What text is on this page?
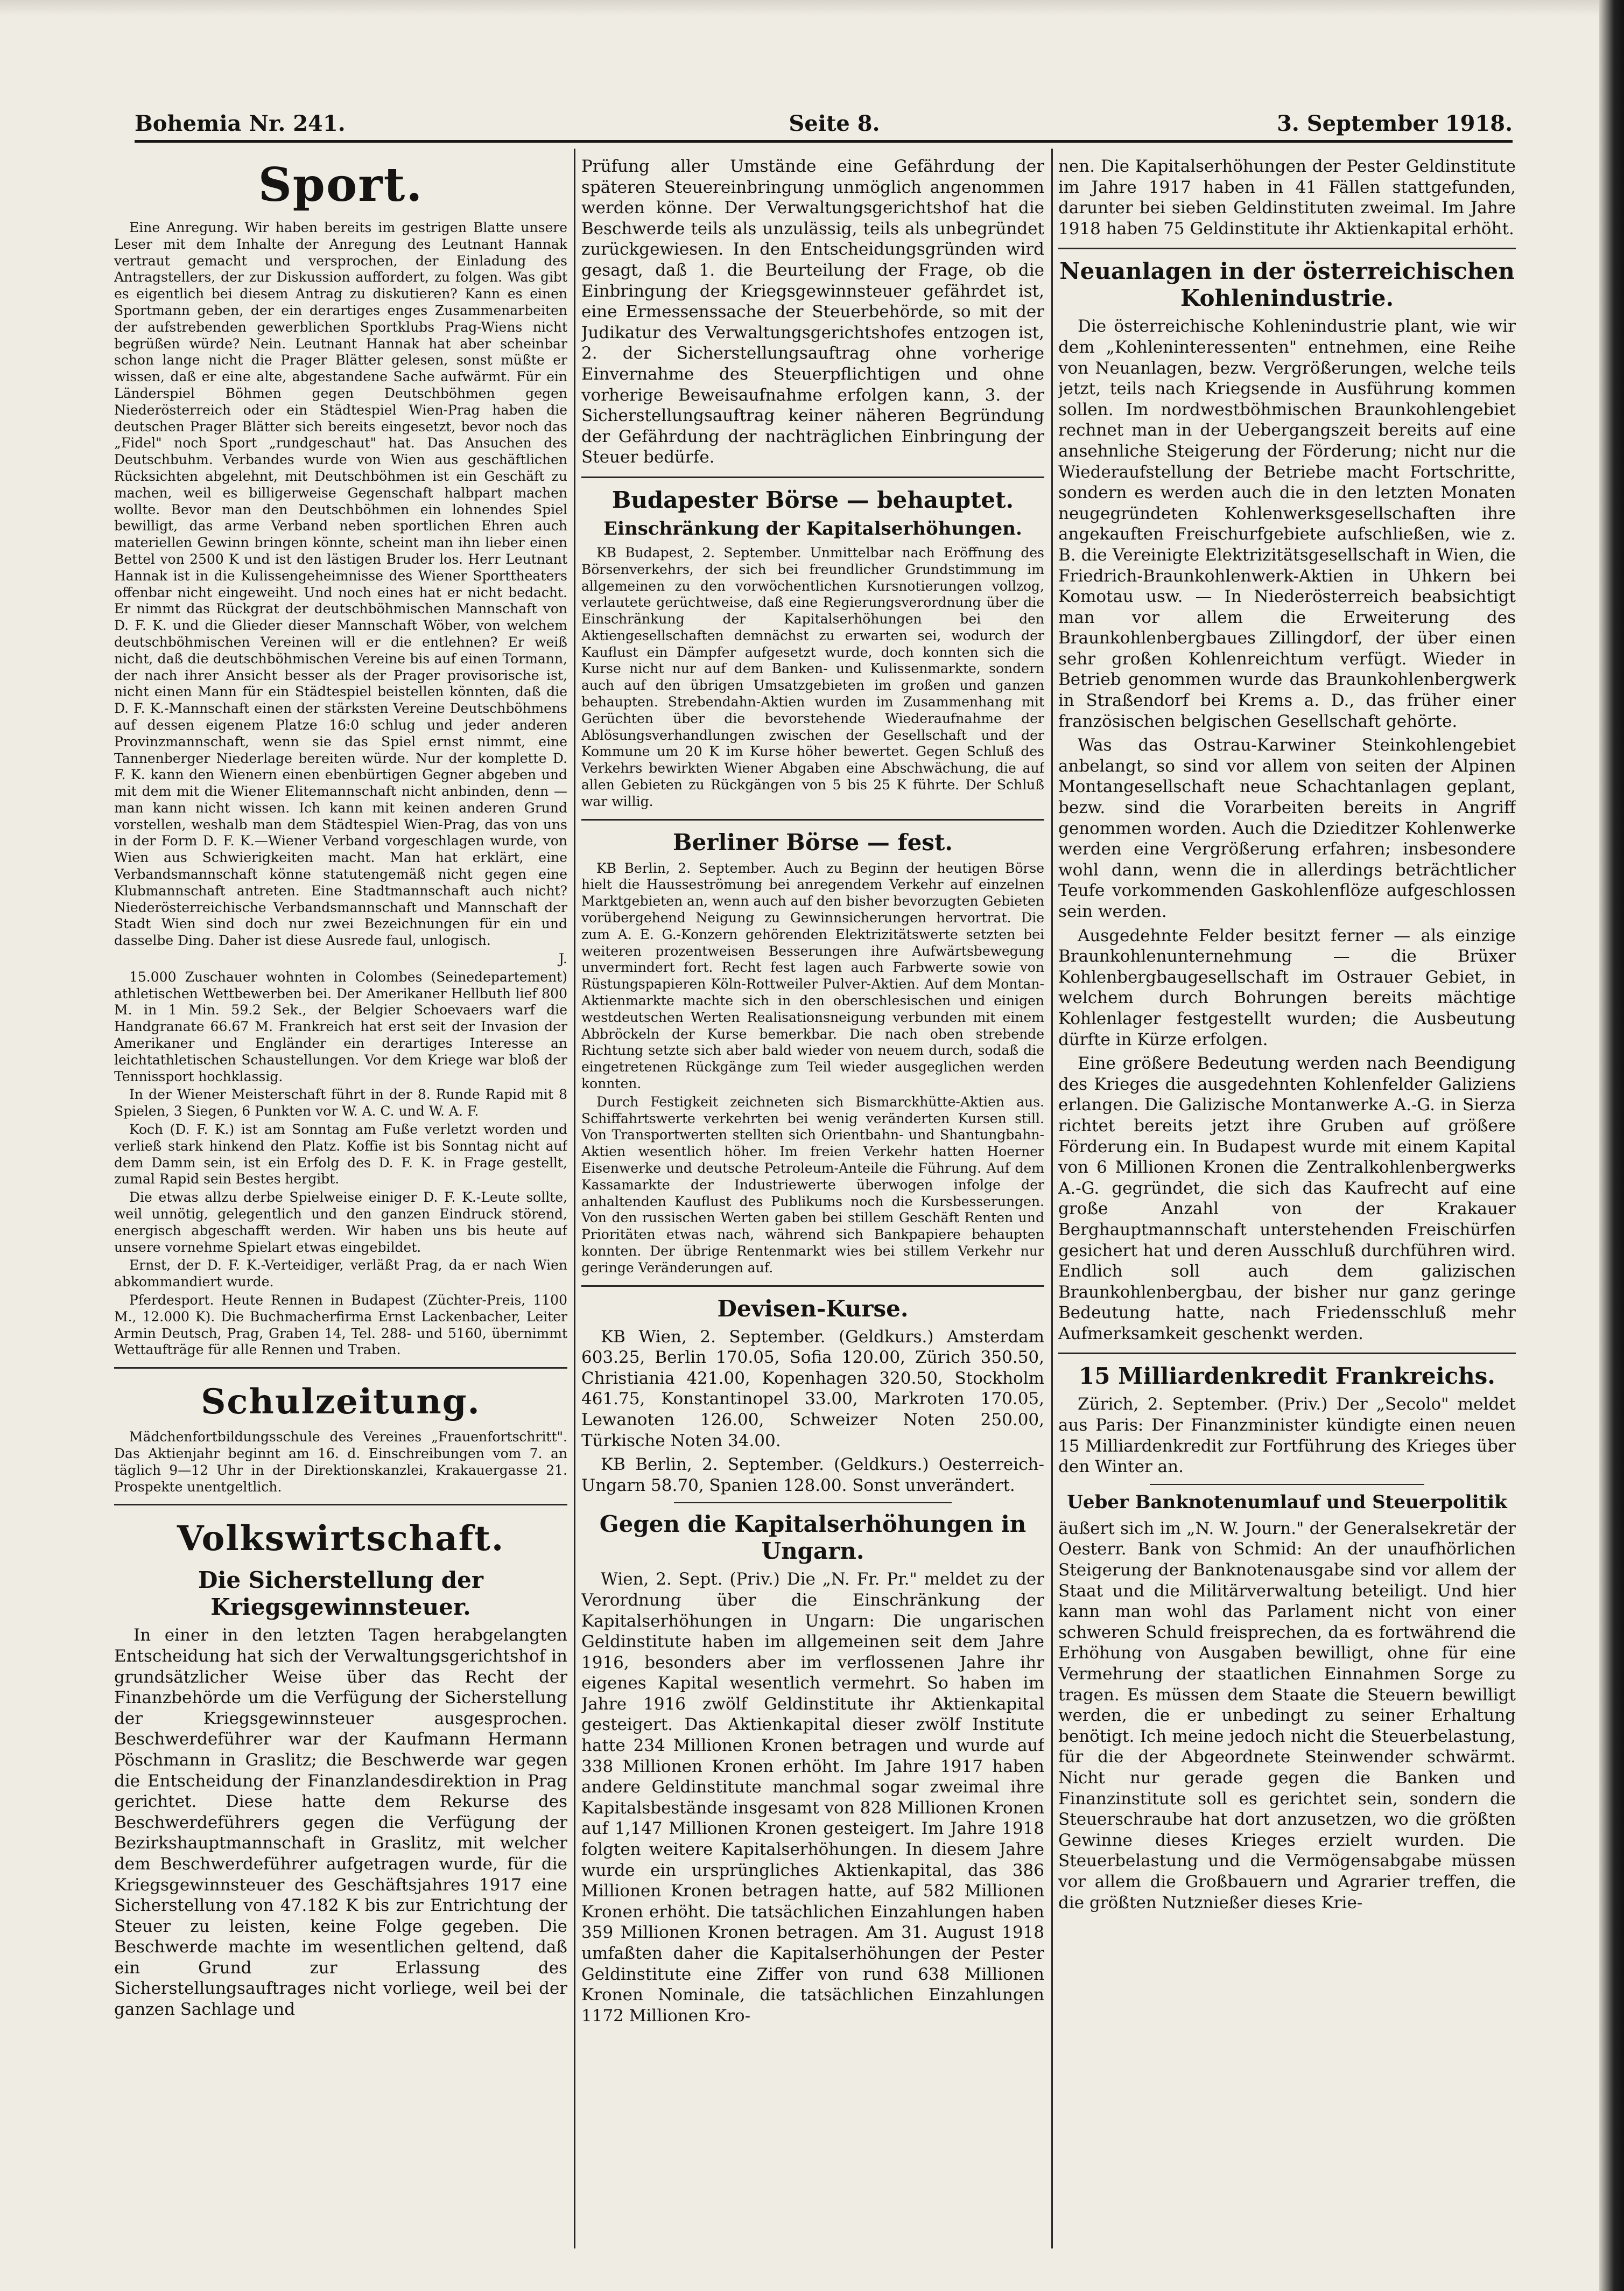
Bohemia Nr. 241.	Seite 8.	3. September 1918.
Sport.

Eine Anregung. Wir haben bereits im gestrigen Blatte unsere Leser mit dem Inhalte der Anregung des Leutnant Hannak vertraut gemacht und versprochen, der Einladung des Antragstellers, der zur Diskussion auffordert, zu folgen. Was gibt es eigentlich bei diesem Antrag zu diskutieren? Kann es einen Sportmann geben, der ein derartiges enges Zusammenarbeiten der aufstrebenden gewerblichen Sportklubs Prag-Wiens nicht begrüßen würde? Nein. Leutnant Hannak hat aber scheinbar schon lange nicht die Prager Blätter gelesen, sonst müßte er wissen, daß er eine alte, abgestandene Sache aufwärmt. Für ein Länderspiel Böhmen gegen Deutschböhmen gegen Niederösterreich oder ein Städtespiel Wien-Prag haben die deutschen Prager Blätter sich bereits eingesetzt, bevor noch das „Fidel" noch Sport „rundgeschaut" hat. Das Ansuchen des Deutschbuhm. Verbandes wurde von Wien aus geschäftlichen Rücksichten abgelehnt, mit Deutschböhmen ist ein Geschäft zu machen, weil es billigerweise Gegenschaft halbpart machen wollte. Bevor man den Deutschböhmen ein lohnendes Spiel bewilligt, das arme Verband neben sportlichen Ehren auch materiellen Gewinn bringen könnte, scheint man ihn lieber einen Bettel von 2500 K und ist den lästigen Bruder los. Herr Leutnant Hannak ist in die Kulissengeheimnisse des Wiener Sporttheaters offenbar nicht eingeweiht. Und noch eines hat er nicht bedacht. Er nimmt das Rückgrat der deutschböhmischen Mannschaft von D. F. K. und die Glieder dieser Mannschaft Wöber, von welchem deutschböhmischen Vereinen will er die entlehnen? Er weiß nicht, daß die deutschböhmischen Vereine bis auf einen Tormann, der nach ihrer Ansicht besser als der Prager provisorische ist, nicht einen Mann für ein Städtespiel beistellen könnten, daß die D. F. K.-Mannschaft einen der stärksten Vereine Deutschböhmens auf dessen eigenem Platze 16:0 schlug und jeder anderen Provinzmannschaft, wenn sie das Spiel ernst nimmt, eine Tannenberger Niederlage bereiten würde. Nur der komplette D. F. K. kann den Wienern einen ebenbürtigen Gegner abgeben und mit dem mit die Wiener Elitemannschaft nicht anbinden, denn — man kann nicht wissen. Ich kann mit keinen anderen Grund vorstellen, weshalb man dem Städtespiel Wien-Prag, das von uns in der Form D. F. K.—Wiener Verband vorgeschlagen wurde, von Wien aus Schwierigkeiten macht. Man hat erklärt, eine Verbandsmannschaft könne statutengemäß nicht gegen eine Klubmannschaft antreten. Eine Stadtmannschaft auch nicht? Niederösterreichische Verbandsmannschaft und Mannschaft der Stadt Wien sind doch nur zwei Bezeichnungen für ein und dasselbe Ding. Daher ist diese Ausrede faul, unlogisch.

J.

15.000 Zuschauer wohnten in Colombes (Seinedepartement) athletischen Wettbewerben bei. Der Amerikaner Hellbuth lief 800 M. in 1 Min. 59.2 Sek., der Belgier Schoevaers warf die Handgranate 66.67 M. Frankreich hat erst seit der Invasion der Amerikaner und Engländer ein derartiges Interesse an leichtathletischen Schaustellungen. Vor dem Kriege war bloß der Tennissport hochklassig.

In der Wiener Meisterschaft führt in der 8. Runde Rapid mit 8 Spielen, 3 Siegen, 6 Punkten vor W. A. C. und W. A. F.

Koch (D. F. K.) ist am Sonntag am Fuße verletzt worden und verließ stark hinkend den Platz. Koffie ist bis Sonntag nicht auf dem Damm sein, ist ein Erfolg des D. F. K. in Frage gestellt, zumal Rapid sein Bestes hergibt.

Die etwas allzu derbe Spielweise einiger D. F. K.-Leute sollte, weil unnötig, gelegentlich und den ganzen Eindruck störend, energisch abgeschafft werden. Wir haben uns bis heute auf unsere vornehme Spielart etwas eingebildet.

Ernst, der D. F. K.-Verteidiger, verläßt Prag, da er nach Wien abkommandiert wurde.

Pferdesport. Heute Rennen in Budapest (Züchter-Preis, 1100 M., 12.000 K). Die Buchmacherfirma Ernst Lackenbacher, Leiter Armin Deutsch, Prag, Graben 14, Tel. 288- und 5160, übernimmt Wettaufträge für alle Rennen und Traben.

Schulzeitung.

Mädchenfortbildungsschule des Vereines „Frauenfortschritt". Das Aktienjahr beginnt am 16. d. Einschreibungen vom 7. an täglich 9—12 Uhr in der Direktionskanzlei, Krakauergasse 21. Prospekte unentgeltlich.

Volkswirtschaft.
Die Sicherstellung der Kriegsgewinnsteuer.

In einer in den letzten Tagen herabgelangten Entscheidung hat sich der Verwaltungsgerichtshof in grundsätzlicher Weise über das Recht der Finanzbehörde um die Verfügung der Sicherstellung der Kriegsgewinnsteuer ausgesprochen. Beschwerdeführer war der Kaufmann Hermann Pöschmann in Graslitz; die Beschwerde war gegen die Entscheidung der Finanzlandesdirektion in Prag gerichtet. Diese hatte dem Rekurse des Beschwerdeführers gegen die Verfügung der Bezirkshauptmannschaft in Graslitz, mit welcher dem Beschwerdeführer aufgetragen wurde, für die Kriegsgewinnsteuer des Geschäftsjahres 1917 eine Sicherstellung von 47.182 K bis zur Entrichtung der Steuer zu leisten, keine Folge gegeben. Die Beschwerde machte im wesentlichen geltend, daß ein Grund zur Erlassung des Sicherstellungsauftrages nicht vorliege, weil bei der ganzen Sachlage und

Prüfung aller Umstände eine Gefährdung der späteren Steuereinbringung unmöglich angenommen werden könne. Der Verwaltungsgerichtshof hat die Beschwerde teils als unzulässig, teils als unbegründet zurückgewiesen. In den Entscheidungsgründen wird gesagt, daß 1. die Beurteilung der Frage, ob die Einbringung der Kriegsgewinnsteuer gefährdet ist, eine Ermessenssache der Steuerbehörde, so mit der Judikatur des Verwaltungsgerichtshofes entzogen ist, 2. der Sicherstellungsauftrag ohne vorherige Einvernahme des Steuerpflichtigen und ohne vorherige Beweisaufnahme erfolgen kann, 3. der Sicherstellungsauftrag keiner näheren Begründung der Gefährdung der nachträglichen Einbringung der Steuer bedürfe.

Budapester Börse — behauptet.
Einschränkung der Kapitalserhöhungen.

KB Budapest, 2. September. Unmittelbar nach Eröffnung des Börsenverkehrs, der sich bei freundlicher Grundstimmung im allgemeinen zu den vorwöchentlichen Kursnotierungen vollzog, verlautete gerüchtweise, daß eine Regierungsverordnung über die Einschränkung der Kapitalserhöhungen bei den Aktiengesellschaften demnächst zu erwarten sei, wodurch der Kauflust ein Dämpfer aufgesetzt wurde, doch konnten sich die Kurse nicht nur auf dem Banken- und Kulissenmarkte, sondern auch auf den übrigen Umsatzgebieten im großen und ganzen behaupten. Strebendahn-Aktien wurden im Zusammenhang mit Gerüchten über die bevorstehende Wiederaufnahme der Ablösungsverhandlungen zwischen der Gesellschaft und der Kommune um 20 K im Kurse höher bewertet. Gegen Schluß des Verkehrs bewirkten Wiener Abgaben eine Abschwächung, die auf allen Gebieten zu Rückgängen von 5 bis 25 K führte. Der Schluß war willig.

Berliner Börse — fest.

KB Berlin, 2. September. Auch zu Beginn der heutigen Börse hielt die Hausseströmung bei anregendem Verkehr auf einzelnen Marktgebieten an, wenn auch auf den bisher bevorzugten Gebieten vorübergehend Neigung zu Gewinnsicherungen hervortrat. Die zum A. E. G.-Konzern gehörenden Elektrizitätswerte setzten bei weiteren prozentweisen Besserungen ihre Aufwärtsbewegung unvermindert fort. Recht fest lagen auch Farbwerte sowie von Rüstungspapieren Köln-Rottweiler Pulver-Aktien. Auf dem Montan-Aktienmarkte machte sich in den oberschlesischen und einigen westdeutschen Werten Realisationsneigung verbunden mit einem Abbröckeln der Kurse bemerkbar. Die nach oben strebende Richtung setzte sich aber bald wieder von neuem durch, sodaß die eingetretenen Rückgänge zum Teil wieder ausgeglichen werden konnten.

Durch Festigkeit zeichneten sich Bismarckhütte-Aktien aus. Schiffahrtswerte verkehrten bei wenig veränderten Kursen still. Von Transportwerten stellten sich Orientbahn- und Shantungbahn-Aktien wesentlich höher. Im freien Verkehr hatten Hoerner Eisenwerke und deutsche Petroleum-Anteile die Führung. Auf dem Kassamarkte der Industriewerte überwogen infolge der anhaltenden Kauflust des Publikums noch die Kursbesserungen. Von den russischen Werten gaben bei stillem Geschäft Renten und Prioritäten etwas nach, während sich Bankpapiere behaupten konnten. Der übrige Rentenmarkt wies bei stillem Verkehr nur geringe Veränderungen auf.

Devisen-Kurse.

KB Wien, 2. September. (Geldkurs.) Amsterdam 603.25, Berlin 170.05, Sofia 120.00, Zürich 350.50, Christiania 421.00, Kopenhagen 320.50, Stockholm 461.75, Konstantinopel 33.00, Markroten 170.05, Lewanoten 126.00, Schweizer Noten 250.00, Türkische Noten 34.00.

KB Berlin, 2. September. (Geldkurs.) Oesterreich-Ungarn 58.70, Spanien 128.00. Sonst unverändert.

Gegen die Kapitalserhöhungen in Ungarn.

Wien, 2. Sept. (Priv.) Die „N. Fr. Pr." meldet zu der Verordnung über die Einschränkung der Kapitalserhöhungen in Ungarn: Die ungarischen Geldinstitute haben im allgemeinen seit dem Jahre 1916, besonders aber im verflossenen Jahre ihr eigenes Kapital wesentlich vermehrt. So haben im Jahre 1916 zwölf Geldinstitute ihr Aktienkapital gesteigert. Das Aktienkapital dieser zwölf Institute hatte 234 Millionen Kronen betragen und wurde auf 338 Millionen Kronen erhöht. Im Jahre 1917 haben andere Geldinstitute manchmal sogar zweimal ihre Kapitalsbestände insgesamt von 828 Millionen Kronen auf 1,147 Millionen Kronen gesteigert. Im Jahre 1918 folgten weitere Kapitalserhöhungen. In diesem Jahre wurde ein ursprüngliches Aktienkapital, das 386 Millionen Kronen betragen hatte, auf 582 Millionen Kronen erhöht. Die tatsächlichen Einzahlungen haben 359 Millionen Kronen betragen. Am 31. August 1918 umfaßten daher die Kapitalserhöhungen der Pester Geldinstitute eine Ziffer von rund 638 Millionen Kronen Nominale, die tatsächlichen Einzahlungen 1172 Millionen Kro-

nen. Die Kapitalserhöhungen der Pester Geldinstitute im Jahre 1917 haben in 41 Fällen stattgefunden, darunter bei sieben Geldinstituten zweimal. Im Jahre 1918 haben 75 Geldinstitute ihr Aktienkapital erhöht.

Neuanlagen in der österreichischen Kohlenindustrie.

Die österreichische Kohlenindustrie plant, wie wir dem „Kohleninteressenten" entnehmen, eine Reihe von Neuanlagen, bezw. Vergrößerungen, welche teils jetzt, teils nach Kriegsende in Ausführung kommen sollen. Im nordwestböhmischen Braunkohlengebiet rechnet man in der Uebergangszeit bereits auf eine ansehnliche Steigerung der Förderung; nicht nur die Wiederaufstellung der Betriebe macht Fortschritte, sondern es werden auch die in den letzten Monaten neugegründeten Kohlenwerksgesellschaften ihre angekauften Freischurfgebiete aufschließen, wie z. B. die Vereinigte Elektrizitätsgesellschaft in Wien, die Friedrich-Braunkohlenwerk-Aktien in Uhkern bei Komotau usw. — In Niederösterreich beabsichtigt man vor allem die Erweiterung des Braunkohlenbergbaues Zillingdorf, der über einen sehr großen Kohlenreichtum verfügt. Wieder in Betrieb genommen wurde das Braunkohlenbergwerk in Straßendorf bei Krems a. D., das früher einer französischen belgischen Gesellschaft gehörte.

Was das Ostrau-Karwiner Steinkohlengebiet anbelangt, so sind vor allem von seiten der Alpinen Montangesellschaft neue Schachtanlagen geplant, bezw. sind die Vorarbeiten bereits in Angriff genommen worden. Auch die Dzieditzer Kohlenwerke werden eine Vergrößerung erfahren; insbesondere wohl dann, wenn die in allerdings beträchtlicher Teufe vorkommenden Gaskohlenflöze aufgeschlossen sein werden.

Ausgedehnte Felder besitzt ferner — als einzige Braunkohlenunternehmung — die Brüxer Kohlenbergbaugesellschaft im Ostrauer Gebiet, in welchem durch Bohrungen bereits mächtige Kohlenlager festgestellt wurden; die Ausbeutung dürfte in Kürze erfolgen.

Eine größere Bedeutung werden nach Beendigung des Krieges die ausgedehnten Kohlenfelder Galiziens erlangen. Die Galizische Montanwerke A.-G. in Sierza richtet bereits jetzt ihre Gruben auf größere Förderung ein. In Budapest wurde mit einem Kapital von 6 Millionen Kronen die Zentralkohlenbergwerks A.-G. gegründet, die sich das Kaufrecht auf eine große Anzahl von der Krakauer Berghauptmannschaft unterstehenden Freischürfen gesichert hat und deren Ausschluß durchführen wird. Endlich soll auch dem galizischen Braunkohlenbergbau, der bisher nur ganz geringe Bedeutung hatte, nach Friedensschluß mehr Aufmerksamkeit geschenkt werden.

15 Milliardenkredit Frankreichs.

Zürich, 2. September. (Priv.) Der „Secolo" meldet aus Paris: Der Finanzminister kündigte einen neuen 15 Milliardenkredit zur Fortführung des Krieges über den Winter an.

Ueber Banknotenumlauf und Steuerpolitik

äußert sich im „N. W. Journ." der Generalsekretär der Oesterr. Bank von Schmid: An der unaufhörlichen Steigerung der Banknotenausgabe sind vor allem der Staat und die Militärverwaltung beteiligt. Und hier kann man wohl das Parlament nicht von einer schweren Schuld freisprechen, da es fortwährend die Erhöhung von Ausgaben bewilligt, ohne für eine Vermehrung der staatlichen Einnahmen Sorge zu tragen. Es müssen dem Staate die Steuern bewilligt werden, die er unbedingt zu seiner Erhaltung benötigt. Ich meine jedoch nicht die Steuerbelastung, für die der Abgeordnete Steinwender schwärmt. Nicht nur gerade gegen die Banken und Finanzinstitute soll es gerichtet sein, sondern die Steuerschraube hat dort anzusetzen, wo die größten Gewinne dieses Krieges erzielt wurden. Die Steuerbelastung und die Vermögensabgabe müssen vor allem die Großbauern und Agrarier treffen, die die größten Nutznießer dieses Krie-
